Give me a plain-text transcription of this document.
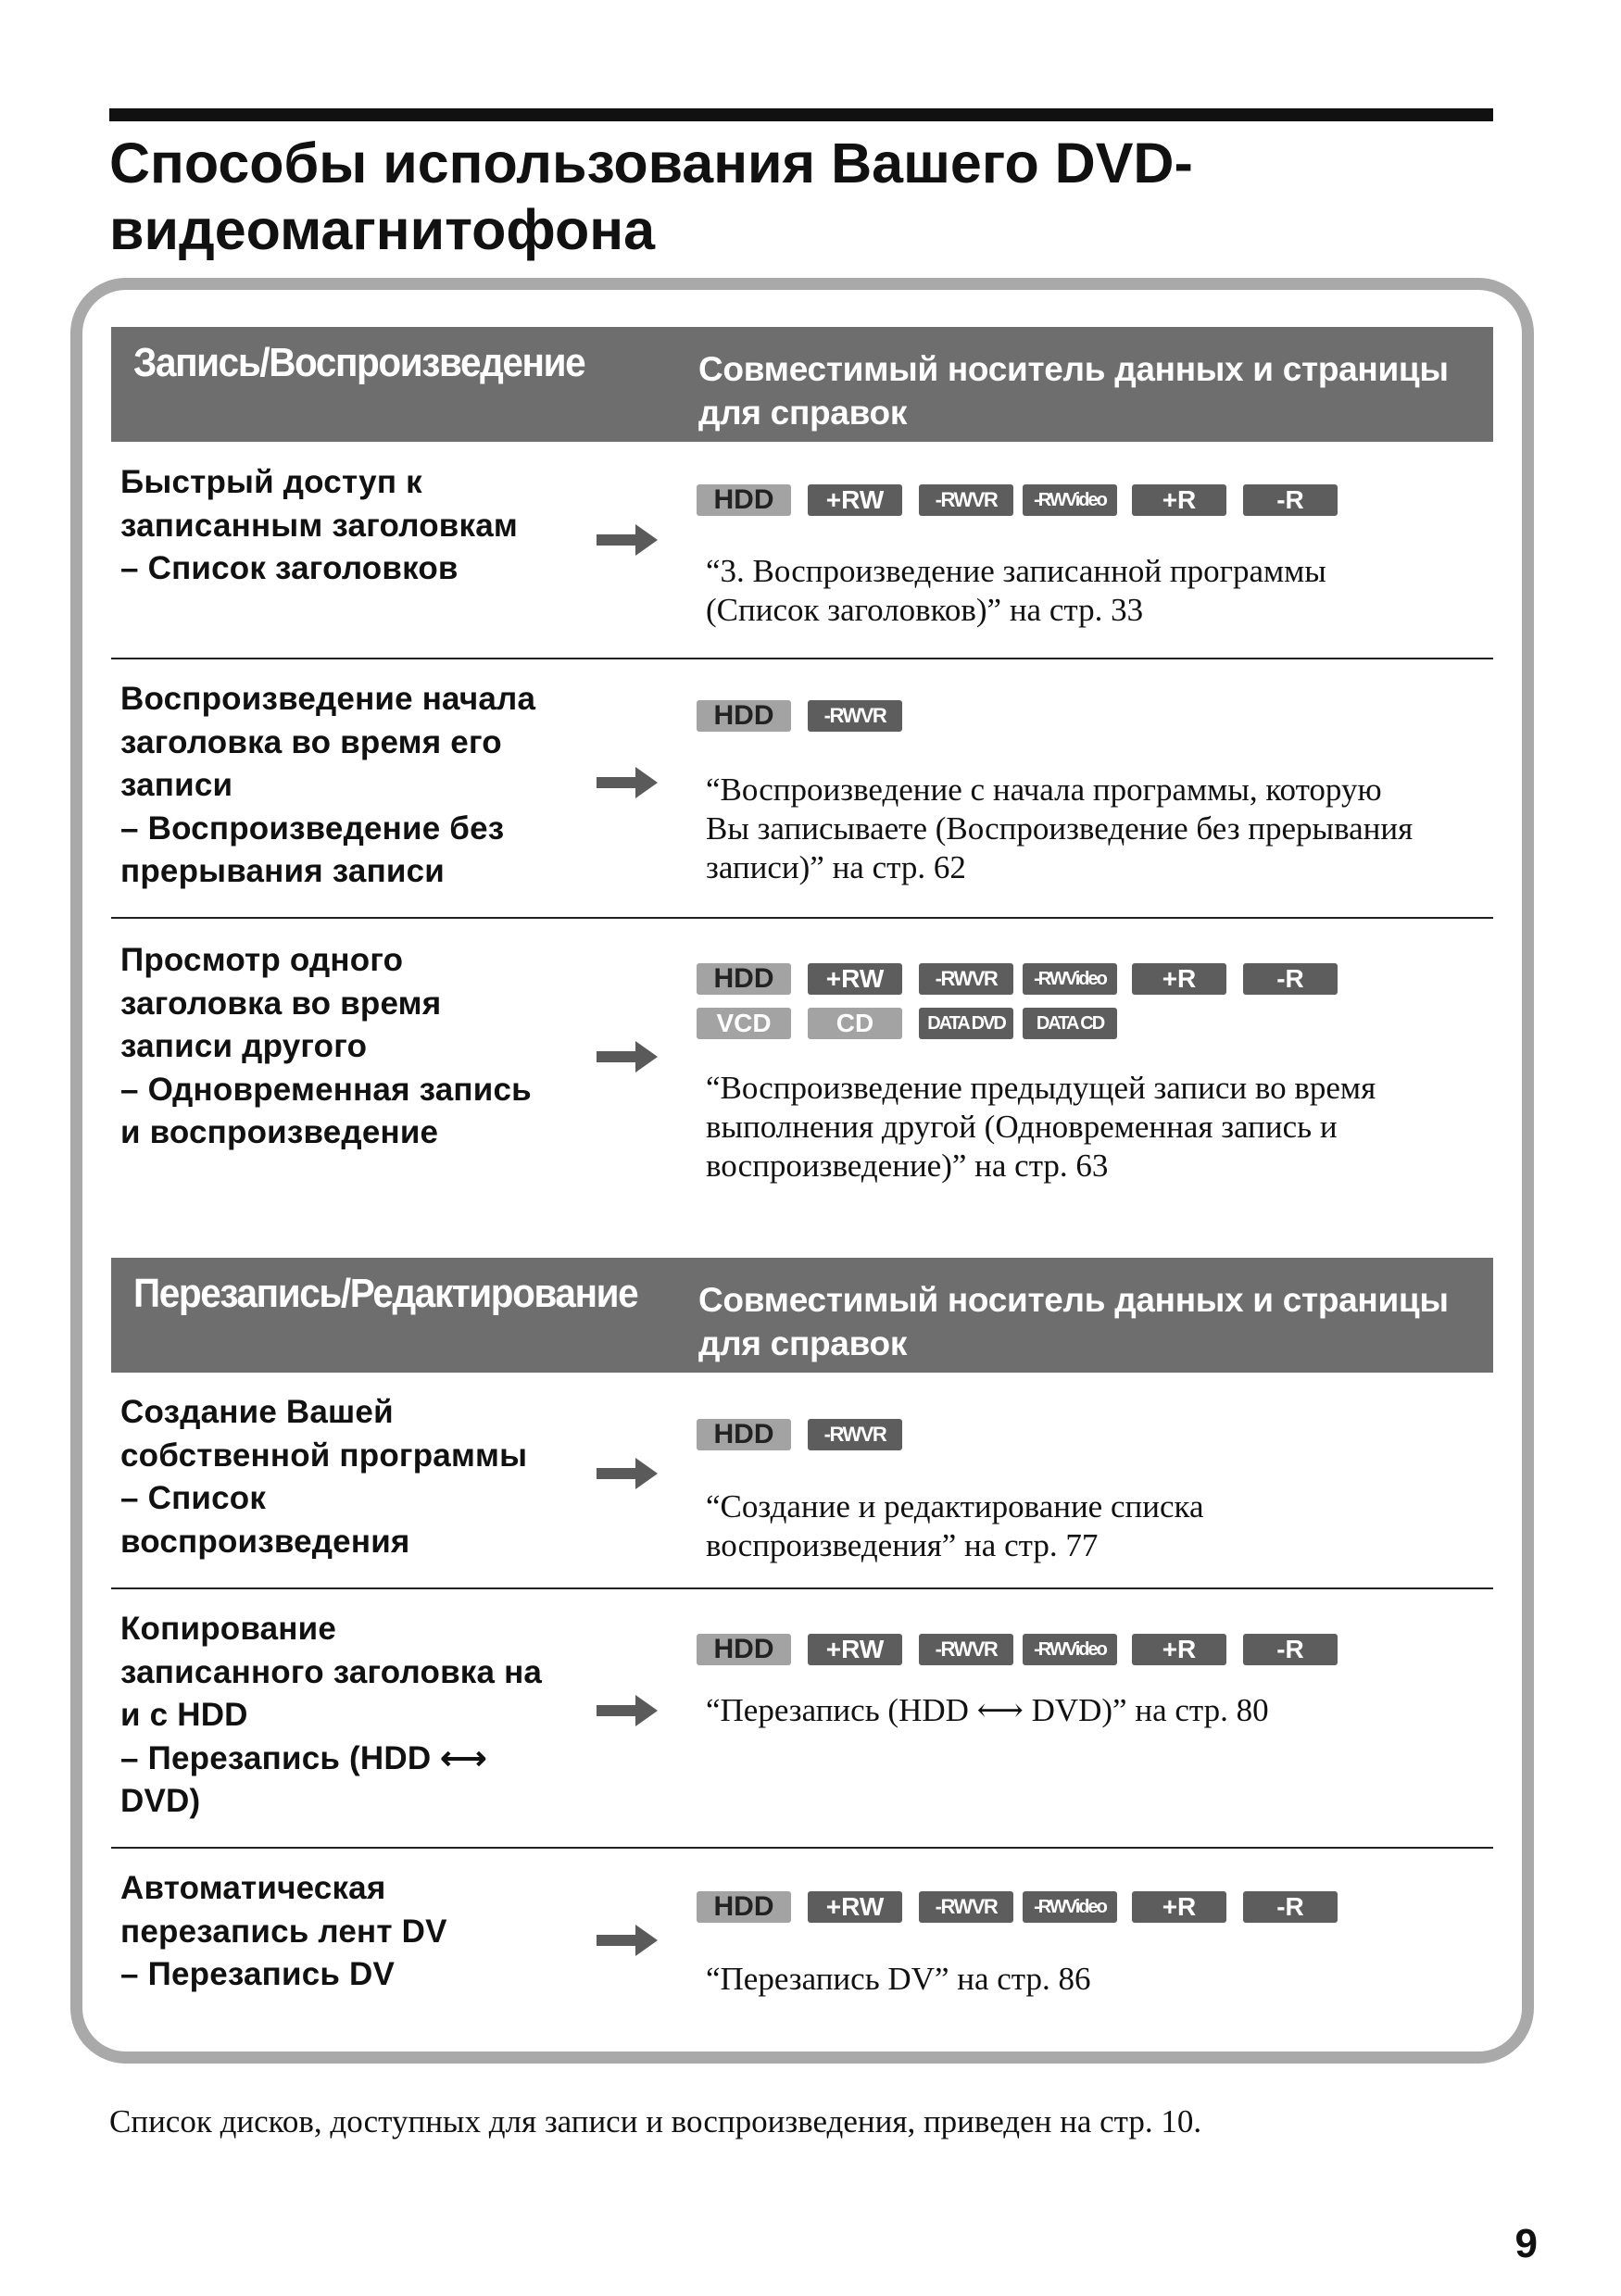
Способы использования Вашего DVD-
видеомагнитофона
Запись/Воспроизведение	Совместимый носитель данных и страницы
для справок
Быстрый доступ к
записанным заголовкам
– Список заголовков
HDD	+RW	-RWVR	-RWVideo	+R	-R
“3. Воспроизведение записанной программы
(Список заголовков)” на стр. 33
Воспроизведение начала
заголовка во время его
записи
– Воспроизведение без
прерывания записи
HDD	-RWVR
“Воспроизведение с начала программы, которую
Вы записываете (Воспроизведение без прерывания
записи)” на стр. 62
Просмотр одного
заголовка во время
записи другого
– Одновременная запись
и воспроизведение
HDD	+RW	-RWVR	-RWVideo	+R	-R
VCD	CD	DATA DVD	DATA CD
“Воспроизведение предыдущей записи во время
выполнения другой (Одновременная запись и
воспроизведение)” на стр. 63
Перезапись/Редактирование Совместимый носитель данных и страницы
для справок
Создание Вашей
собственной программы
– Список
воспроизведения
HDD	-RWVR
“Создание и редактирование списка
воспроизведения” на стр. 77
Копирование
записанного заголовка на
и с HDD
– Перезапись (HDD ⟷
DVD)
HDD	+RW	-RWVR	-RWVideo	+R	-R
“Перезапись (HDD ⟷ DVD)” на стр. 80
Автоматическая
перезапись лент DV
– Перезапись DV
HDD	+RW	-RWVR	-RWVideo	+R	-R
“Перезапись DV” на стр. 86

Список дисков, доступных для записи и воспроизведения, приведен на стр. 10.

9
